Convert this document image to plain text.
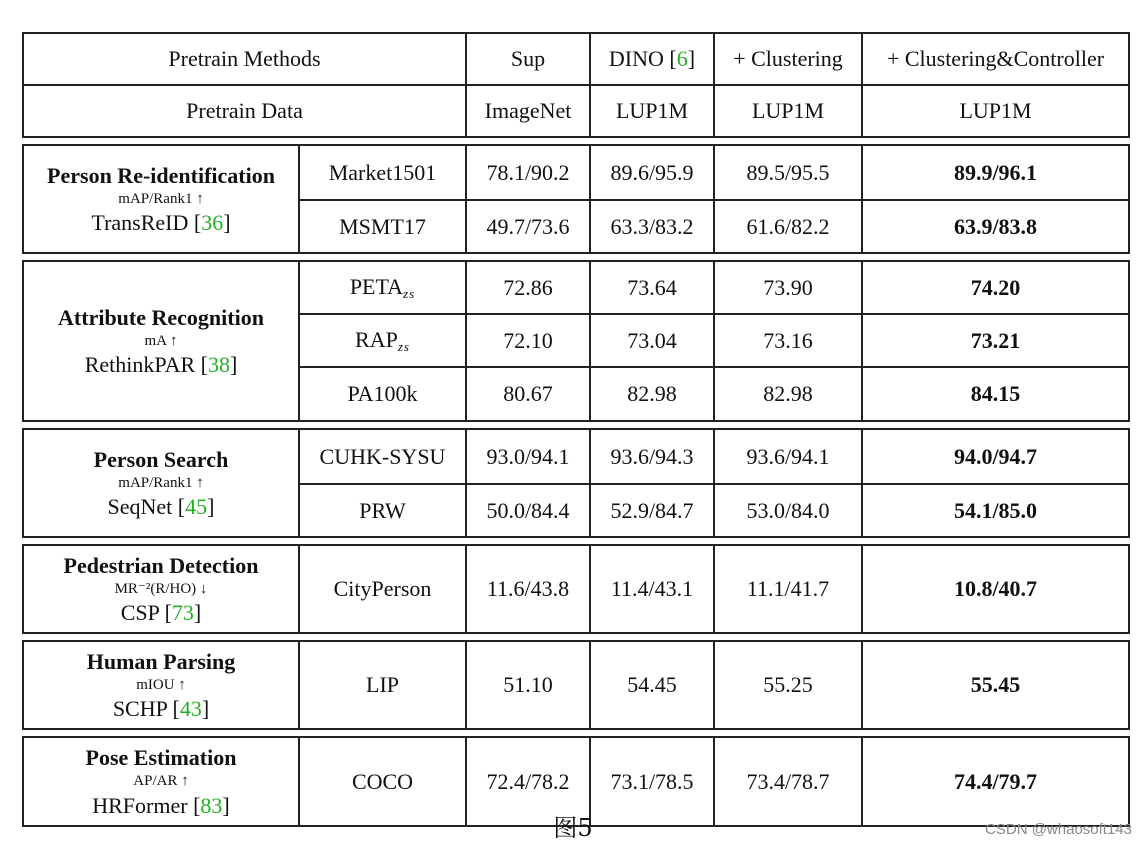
Pretrain Methods		Sup	DINO [6]	+ Clustering	+ Clustering&Controller
Pretrain Data		ImageNet	LUP1M	LUP1M	LUP1M

Person Re-identification
mAP/Rank1 ↑
TransReID [36]	Market1501	78.1/90.2	89.6/95.9	89.5/95.5	89.9/96.1
	MSMT17	49.7/73.6	63.3/83.2	61.6/82.2	63.9/83.8

Attribute Recognition
mA ↑
RethinkPAR [38]	$PETA_{zs}$	72.86	73.64	73.90	74.20
	$RAP_{zs}$	72.10	73.04	73.16	73.21
	PA100k	80.67	82.98	82.98	84.15

Person Search
mAP/Rank1 ↑
SeqNet [45]	CUHK-SYSU	93.0/94.1	93.6/94.3	93.6/94.1	94.0/94.7
	PRW	50.0/84.4	52.9/84.7	53.0/84.0	54.1/85.0

Pedestrian Detection
MR⁻²(R/HO) ↓
CSP [73]	CityPerson	11.6/43.8	11.4/43.1	11.1/41.7	10.8/40.7

Human Parsing
mIOU ↑
SCHP [43]	LIP	51.10	54.45	55.25	55.45

Pose Estimation
AP/AR ↑
HRFormer [83]	COCO	72.4/78.2	73.1/78.5	73.4/78.7	74.4/79.7
图5	CSDN @whaosoft143
